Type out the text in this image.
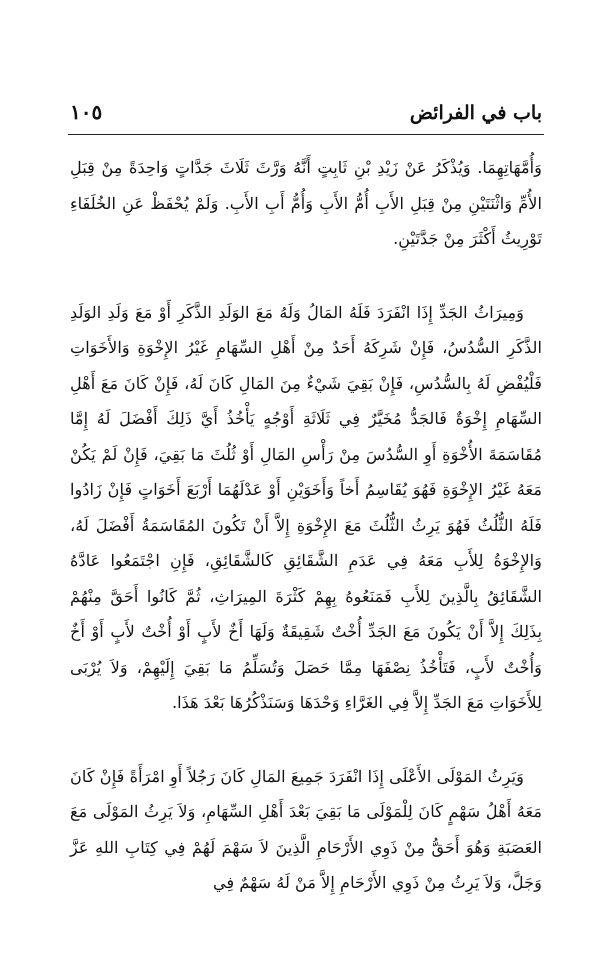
باب في الفرائض
١٠٥

وَأُمَّهَاتِهِمَا. وَيُذْكَرُ عَنْ زَيْدِ بْنِ ثَابِتٍ أَنَّهُ وَرَّثَ ثَلَاثَ جَدَّاتٍ وَاحِدَةً مِنْ قِبَلِ الأُمِّ وَاثْنَتَيْنِ مِنْ قِبَلِ الأَبِ أُمُّ الأَبِ وَأُمُّ أَبِ الأَبِ. وَلَمْ يُحْفَظْ عَنِ الخُلَفَاءِ تَوْرِيثُ أَكْثَرَ مِنْ جَدَّتَيْنِ.

وَمِيرَاثُ الجَدِّ إِذَا انْفَرَدَ فَلَهُ المَالُ وَلَهُ مَعَ الوَلَدِ الذَّكَرِ أَوْ مَعَ وَلَدِ الوَلَدِ الذَّكَرِ السُّدُسُ، فَإِنْ شَرِكَهُ أَحَدٌ مِنْ أَهْلِ السِّهَامِ غَيْرُ الإِخْوَةِ وَالأَخَوَاتِ فَلْيُفْضِ لَهُ بِالسُّدُسِ، فَإِنْ بَقِيَ شَيْءٌ مِنَ المَالِ كَانَ لَهُ، فَإِنْ كَانَ مَعَ أَهْلِ السِّهَامِ إِخْوَةٌ فَالجَدُّ مُخَيَّرٌ فِي ثَلَاثَةِ أَوْجُهٍ يَأْخُذُ أَيَّ ذَلِكَ أَفْضَلَ لَهُ إِمَّا مُقَاسَمَةَ الأُخْوَةِ أَوِ السُّدُسَ مِنْ رَأْسِ المَالِ أَوْ ثُلُثَ مَا بَقِيَ، فَإِنْ لَمْ يَكُنْ مَعَهُ غَيْرُ الإِخْوَةِ فَهُوَ يُقَاسِمُ أَخاً وَأَخَوَيْنِ أَوْ عَدْلَهُمَا أَرْبَعَ أَخَوَاتٍ فَإِنْ زَادُوا فَلَهُ الثُّلُثُ فَهُوَ يَرِثُ الثُّلُثَ مَعَ الإِخْوَةِ إِلاَّ أَنْ تَكُونَ المُقَاسَمَةُ أَفْضَلَ لَهُ، وَالإِخْوَةُ لِلأَبِ مَعَهُ فِي عَدَمِ الشَّقَائِقِ كَالشَّقَائِقِ، فَإِنِ اجْتَمَعُوا عَادَّهُ الشَّقَائِقُ بِالَّذِينَ لِلأَبِ فَمَنَعُوهُ بِهِمْ كَثْرَةَ المِيرَاثِ، ثُمَّ كَانُوا أَحَقَّ مِنْهُمْ بِذَلِكَ إِلاَّ أَنْ يَكُونَ مَعَ الجَدِّ أُخْتٌ شَقِيقَةٌ وَلَهَا أَخٌ لأَبٍ أَوْ أُخْتٌ لأَبٍ أَوْ أَخٌ وَأُخْتٌ لأَبٍ، فَتَأْخُذُ نِصْفَهَا مِمَّا حَصَلَ وَتُسَلِّمُ مَا بَقِيَ إِلَيْهِمْ، وَلاَ يُرْبَى لِلأَخَوَاتِ مَعَ الجَدِّ إِلاَّ فِي الغَرَّاءِ وَحْدَهَا وَسَنَذْكُرُهَا بَعْدَ هَذَا.

وَيَرِثُ المَوْلَى الأَعْلَى إِذَا انْفَرَدَ جَمِيعَ المَالِ كَانَ رَجُلاً أَوِ امْرَأَةً فَإِنْ كَانَ مَعَهُ أَهْلُ سَهْمٍ كَانَ لِلْمَوْلَى مَا بَقِيَ بَعْدَ أَهْلِ السِّهَامِ، وَلاَ يَرِثُ المَوْلَى مَعَ العَصَبَةِ وَهُوَ أَحَقُّ مِنْ ذَوِي الأَرْحَامِ الَّذِينَ لاَ سَهْمَ لَهُمْ فِي كِتَابِ اللهِ عَزَّ وَجَلَّ، وَلاَ يَرِثُ مِنْ ذَوِي الأَرْحَامِ إِلاَّ مَنْ لَهُ سَهْمٌ فِي
